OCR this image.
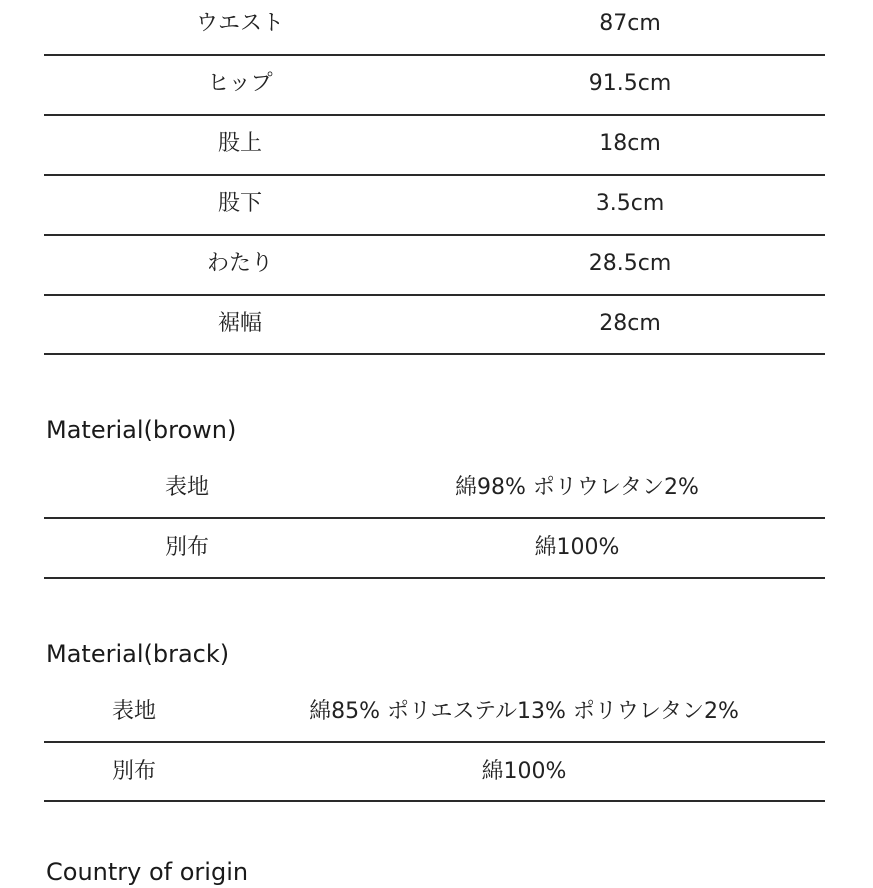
ウエスト	87cm
ヒップ	91.5cm
股上	18cm
股下	3.5cm
わたり	28.5cm
裾幅	28cm
Material(brown)
表地	綿98% ポリウレタン2%
別布	綿100%
Material(brack)
表地	綿85% ポリエステル13% ポリウレタン2%
別布	綿100%
Country of origin
